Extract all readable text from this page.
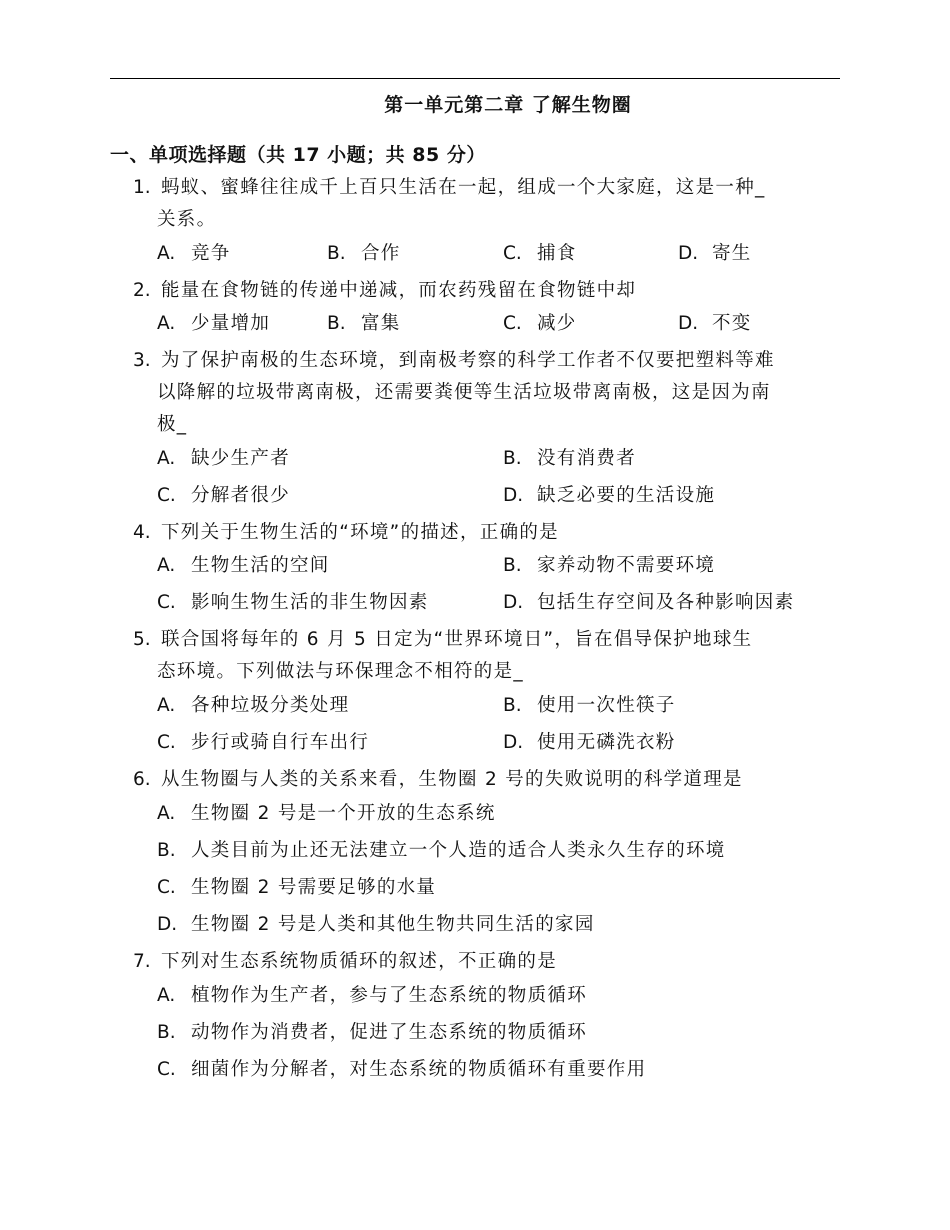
第一单元第二章 了解生物圈
一、单项选择题（共 17 小题；共 85 分）
1. 蚂蚁、蜜蜂往往成千上百只生活在一起，组成一个大家庭，这是一种_
关系。
A. 竞争	B. 合作	C. 捕食	D. 寄生
2. 能量在食物链的传递中递减，而农药残留在食物链中却
A. 少量增加	B. 富集	C. 减少	D. 不变
3. 为了保护南极的生态环境，到南极考察的科学工作者不仅要把塑料等难
以降解的垃圾带离南极，还需要粪便等生活垃圾带离南极，这是因为南
极_
A. 缺少生产者	B. 没有消费者
C. 分解者很少	D. 缺乏必要的生活设施
4. 下列关于生物生活的“环境”的描述，正确的是
A. 生物生活的空间	B. 家养动物不需要环境
C. 影响生物生活的非生物因素	D. 包括生存空间及各种影响因素
5. 联合国将每年的 6 月 5 日定为“世界环境日”，旨在倡导保护地球生
态环境。下列做法与环保理念不相符的是_
A. 各种垃圾分类处理	B. 使用一次性筷子
C. 步行或骑自行车出行	D. 使用无磷洗衣粉
6. 从生物圈与人类的关系来看，生物圈 2 号的失败说明的科学道理是
A. 生物圈 2 号是一个开放的生态系统
B. 人类目前为止还无法建立一个人造的适合人类永久生存的环境
C. 生物圈 2 号需要足够的水量
D. 生物圈 2 号是人类和其他生物共同生活的家园
7. 下列对生态系统物质循环的叙述，不正确的是
A. 植物作为生产者，参与了生态系统的物质循环
B. 动物作为消费者，促进了生态系统的物质循环
C. 细菌作为分解者，对生态系统的物质循环有重要作用
